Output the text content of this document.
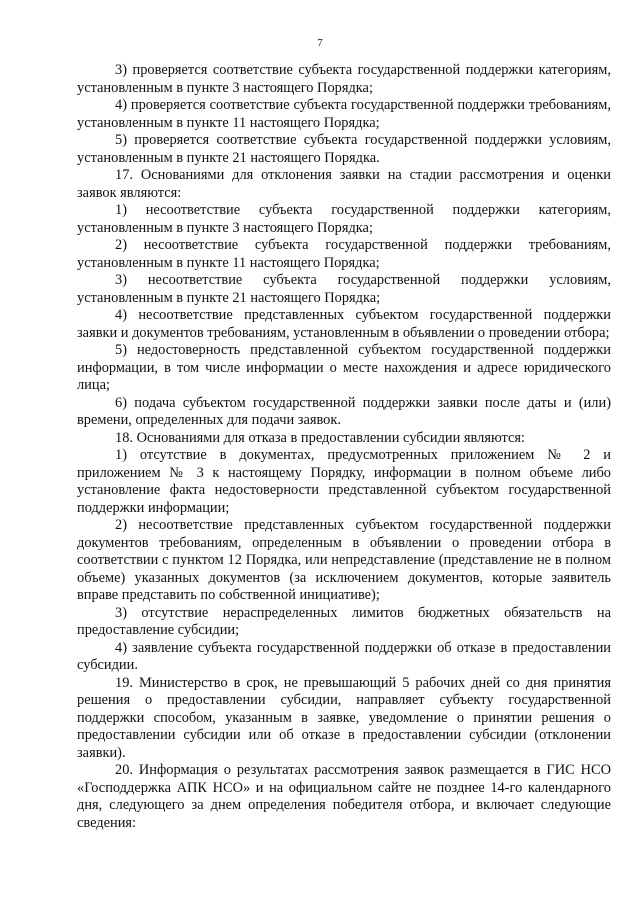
7

3) проверяется соответствие субъекта государственной поддержки категориям, установленным в пункте 3 настоящего Порядка;

4) проверяется соответствие субъекта государственной поддержки требованиям, установленным в пункте 11 настоящего Порядка;

5) проверяется соответствие субъекта государственной поддержки условиям, установленным в пункте 21 настоящего Порядка.

17. Основаниями для отклонения заявки на стадии рассмотрения и оценки заявок являются:

1) несоответствие субъекта государственной поддержки категориям, установленным в пункте 3 настоящего Порядка;

2) несоответствие субъекта государственной поддержки требованиям, установленным в пункте 11 настоящего Порядка;

3) несоответствие субъекта государственной поддержки условиям, установленным в пункте 21 настоящего Порядка;

4) несоответствие представленных субъектом государственной поддержки заявки и документов требованиям, установленным в объявлении о проведении отбора;

5) недостоверность представленной субъектом государственной поддержки информации, в том числе информации о месте нахождения и адресе юридического лица;

6) подача субъектом государственной поддержки заявки после даты и (или) времени, определенных для подачи заявок.

18. Основаниями для отказа в предоставлении субсидии являются:

1) отсутствие в документах, предусмотренных приложением № 2 и приложением № 3 к настоящему Порядку, информации в полном объеме либо установление факта недостоверности представленной субъектом государственной поддержки информации;

2) несоответствие представленных субъектом государственной поддержки документов требованиям, определенным в объявлении о проведении отбора в соответствии с пунктом 12 Порядка, или непредставление (представление не в полном объеме) указанных документов (за исключением документов, которые заявитель вправе представить по собственной инициативе);

3) отсутствие нераспределенных лимитов бюджетных обязательств на предоставление субсидии;

4) заявление субъекта государственной поддержки об отказе в предоставлении субсидии.

19. Министерство в срок, не превышающий 5 рабочих дней со дня принятия решения о предоставлении субсидии, направляет субъекту государственной поддержки способом, указанным в заявке, уведомление о принятии решения о предоставлении субсидии или об отказе в предоставлении субсидии (отклонении заявки).

20. Информация о результатах рассмотрения заявок размещается в ГИС НСО «Господдержка АПК НСО» и на официальном сайте не позднее 14-го календарного дня, следующего за днем определения победителя отбора, и включает следующие сведения:
